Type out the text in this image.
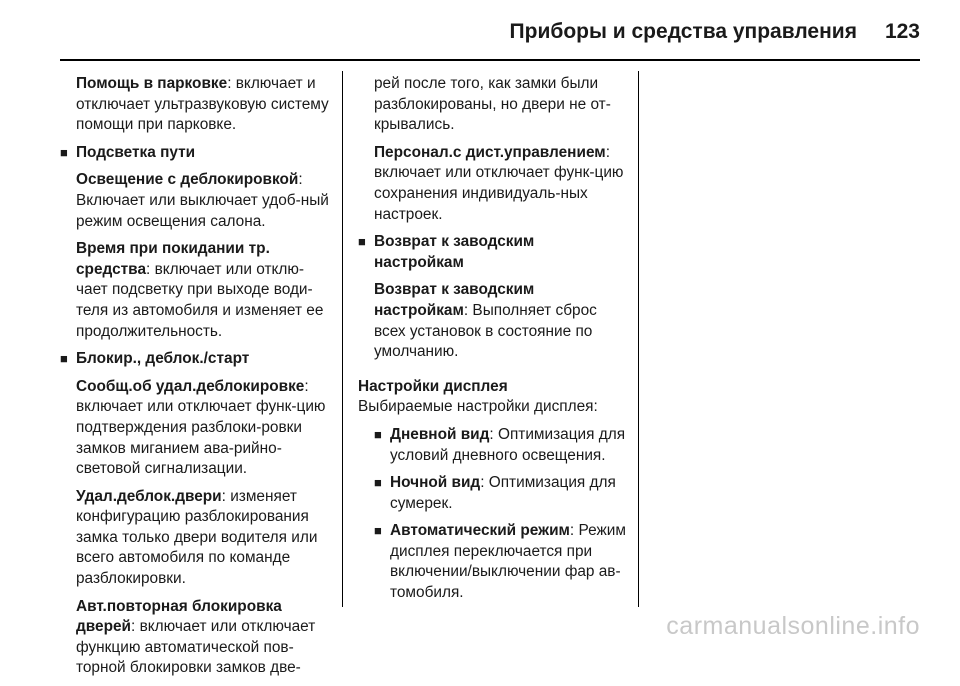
Приборы и средства управления 123

Помощь в парковке: включает и отключает ультразвуковую систему помощи при парковке.

■ Подсветка пути

Освещение с деблокировкой: Включает или выключает удоб-ный режим освещения салона.

Время при покидании тр. средства: включает или отклю-чает подсветку при выходе води-теля из автомобиля и изменяет ее продолжительность.

■ Блокир., деблок./старт

Сообщ.об удал.деблокировке: включает или отключает функ-цию подтверждения разблоки-ровки замков миганием ава-рийно-световой сигнализации.

Удал.деблок.двери: изменяет конфигурацию разблокирования замка только двери водителя или всего автомобиля по команде разблокировки.

Авт.повторная блокировка дверей: включает или отключает функцию автоматической пов-торной блокировки замков две-

рей после того, как замки были разблокированы, но двери не от-крывались.

Персонал.с дист.управлением: включает или отключает функ-цию сохранения индивидуаль-ных настроек.

■ Возврат к заводским настройкам

Возврат к заводским настройкам: Выполняет сброс всех установок в состояние по умолчанию.

Настройки дисплея

Выбираемые настройки дисплея:

■ Дневной вид: Оптимизация для условий дневного освещения.
■ Ночной вид: Оптимизация для сумерек.
■ Автоматический режим: Режим дисплея переключается при включении/выключении фар ав-томобиля.
carmanualsonline.info
